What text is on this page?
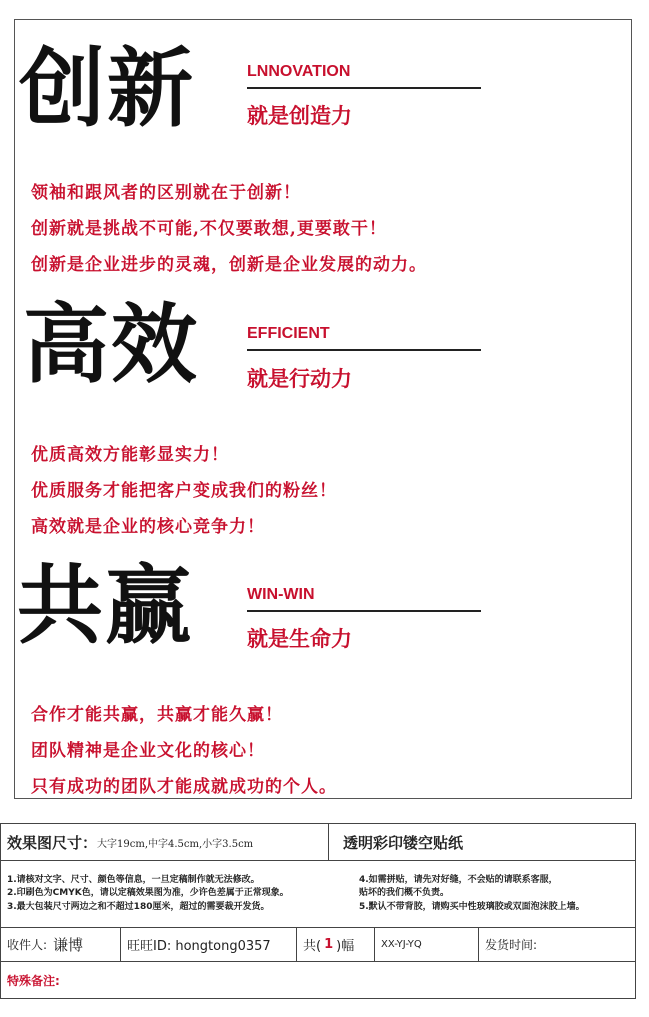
创新	LNNOVATION
就是创造力
领袖和跟风者的区别就在于创新！
创新就是挑战不可能,不仅要敢想,更要敢干！
创新是企业进步的灵魂，创新是企业发展的动力。
高效	EFFICIENT
就是行动力
优质高效方能彰显实力！
优质服务才能把客户变成我们的粉丝！
高效就是企业的核心竞争力！
共赢	WIN-WIN
就是生命力
合作才能共赢，共赢才能久赢！
团队精神是企业文化的核心！
只有成功的团队才能成就成功的个人。
效果图尺寸： 大字19cm,中字4.5cm,小字3.5cm	透明彩印镂空贴纸
1.请核对文字、尺寸、颜色等信息，一旦定稿制作就无法修改。
2.印刷色为CMYK色，请以定稿效果图为准，少许色差属于正常现象。
3.最大包装尺寸两边之和不超过180厘米，超过的需要裁开发货。
4.如需拼贴，请先对好缝，不会贴的请联系客服，
贴坏的我们概不负责。
5.默认不带背胶，请购买中性玻璃胶或双面泡沫胶上墙。
收件人: 谦博	旺旺ID: hongtong0357	共( 1 )幅	XX-YJ-YQ	发货时间:
特殊备注:
